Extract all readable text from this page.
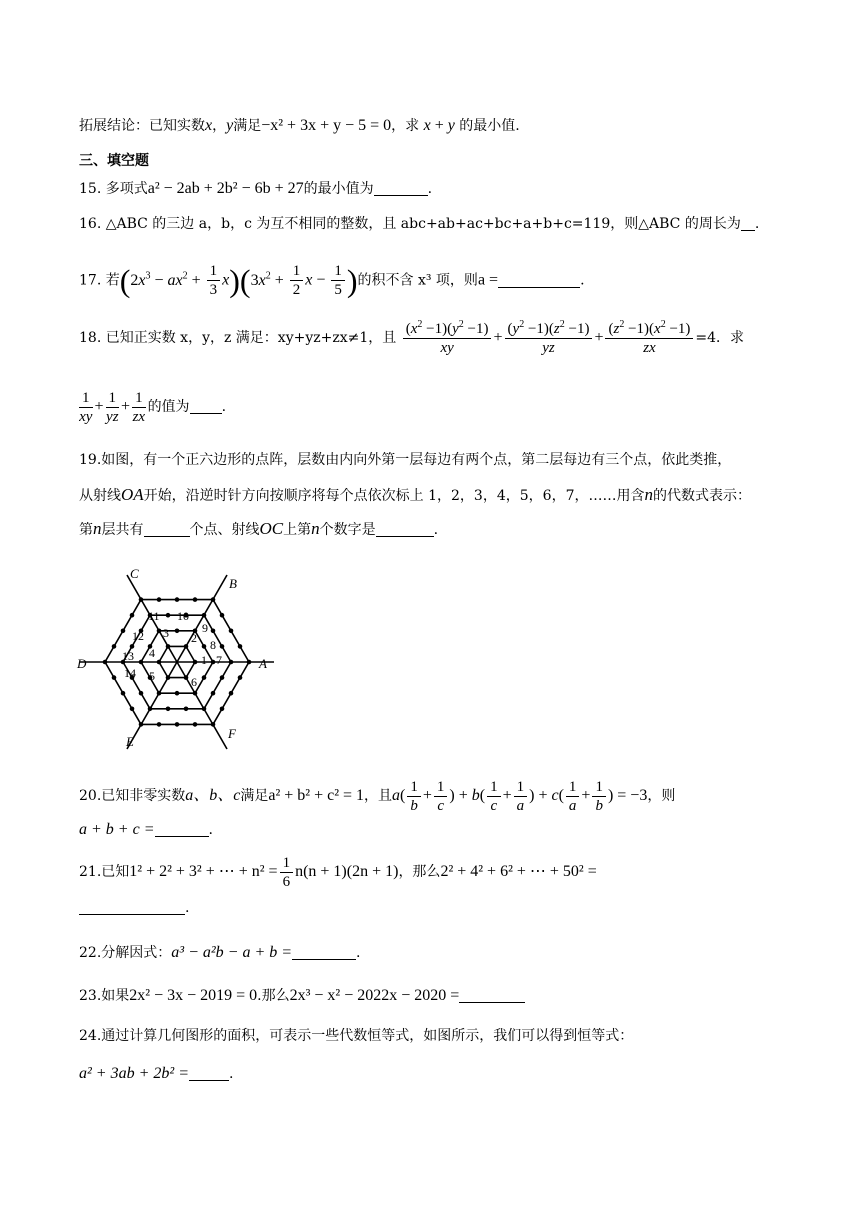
拓展结论：已知实数x，y满足−x² + 3x + y − 5 = 0，求 x + y 的最小值.
三、填空题
15. 多项式a² − 2ab + 2b² − 6b + 27的最小值为	.
16. △ABC 的三边 a，b，c 为互不相同的整数，且 abc+ab+ac+bc+a+b+c=119，则△ABC 的周长为 .
17. 若$(2x^3 - ax^2 + \frac{1}{3} x)(3x^2 + \frac{1}{2}$ $x - \frac{1}{5}$ )的积不含 x³ 项，则a =	.
18. 已知正实数 x，y，z 满足：xy+yz+zx≠1，且 $\frac{(x^2 -1)(y^2 -1)}{xy} + \frac{(y^2 -1)(z^2 -1)}{yz} + \frac{(z^2 -1)(x^2 -1)}{zx} =4$．求
$\frac{1}{xy} + \frac{1}{yz} + \frac{1}{zx}$ 的值为 .
19.如图，有一个正六边形的点阵，层数由内向外第一层每边有两个点，第二层每边有三个点，依此类推，
从射线OA开始，沿逆时针方向按顺序将每个点依次标上 1，2，3，4，5，6，7，……用含n的代数式表示：
第n层共有	个点、射线OC上第n个数字是	.
A
B
C
D
E
F
1
2
3
4
5	6
7
8
9
10
11
12
13
14
20.已知非零实数a、b、c满足a² + b² + c² = 1，且$a( \frac{1}{b} + \frac{1}{c}$ ) + $b( \frac{1}{c} + \frac{1}{a}$ ) + $c( \frac{1}{a} + \frac{1}{b}$ ) = −3，则
a + b + c =	.
21.已知1² + 2² + 3² + ⋯ + $n^2 = \frac{1}{6} n(n + 1)(2n + 1)$，那么2² + 4² + 6² + ⋯ + 50² =
.
22.分解因式：a³ − a²b − a + b =	.
23.如果2x² − 3x − 2019 = 0.那么2x³ − x² − 2022x − 2020 =
24.通过计算几何图形的面积，可表示一些代数恒等式，如图所示，我们可以得到恒等式：
a² + 3ab + 2b² =	.
